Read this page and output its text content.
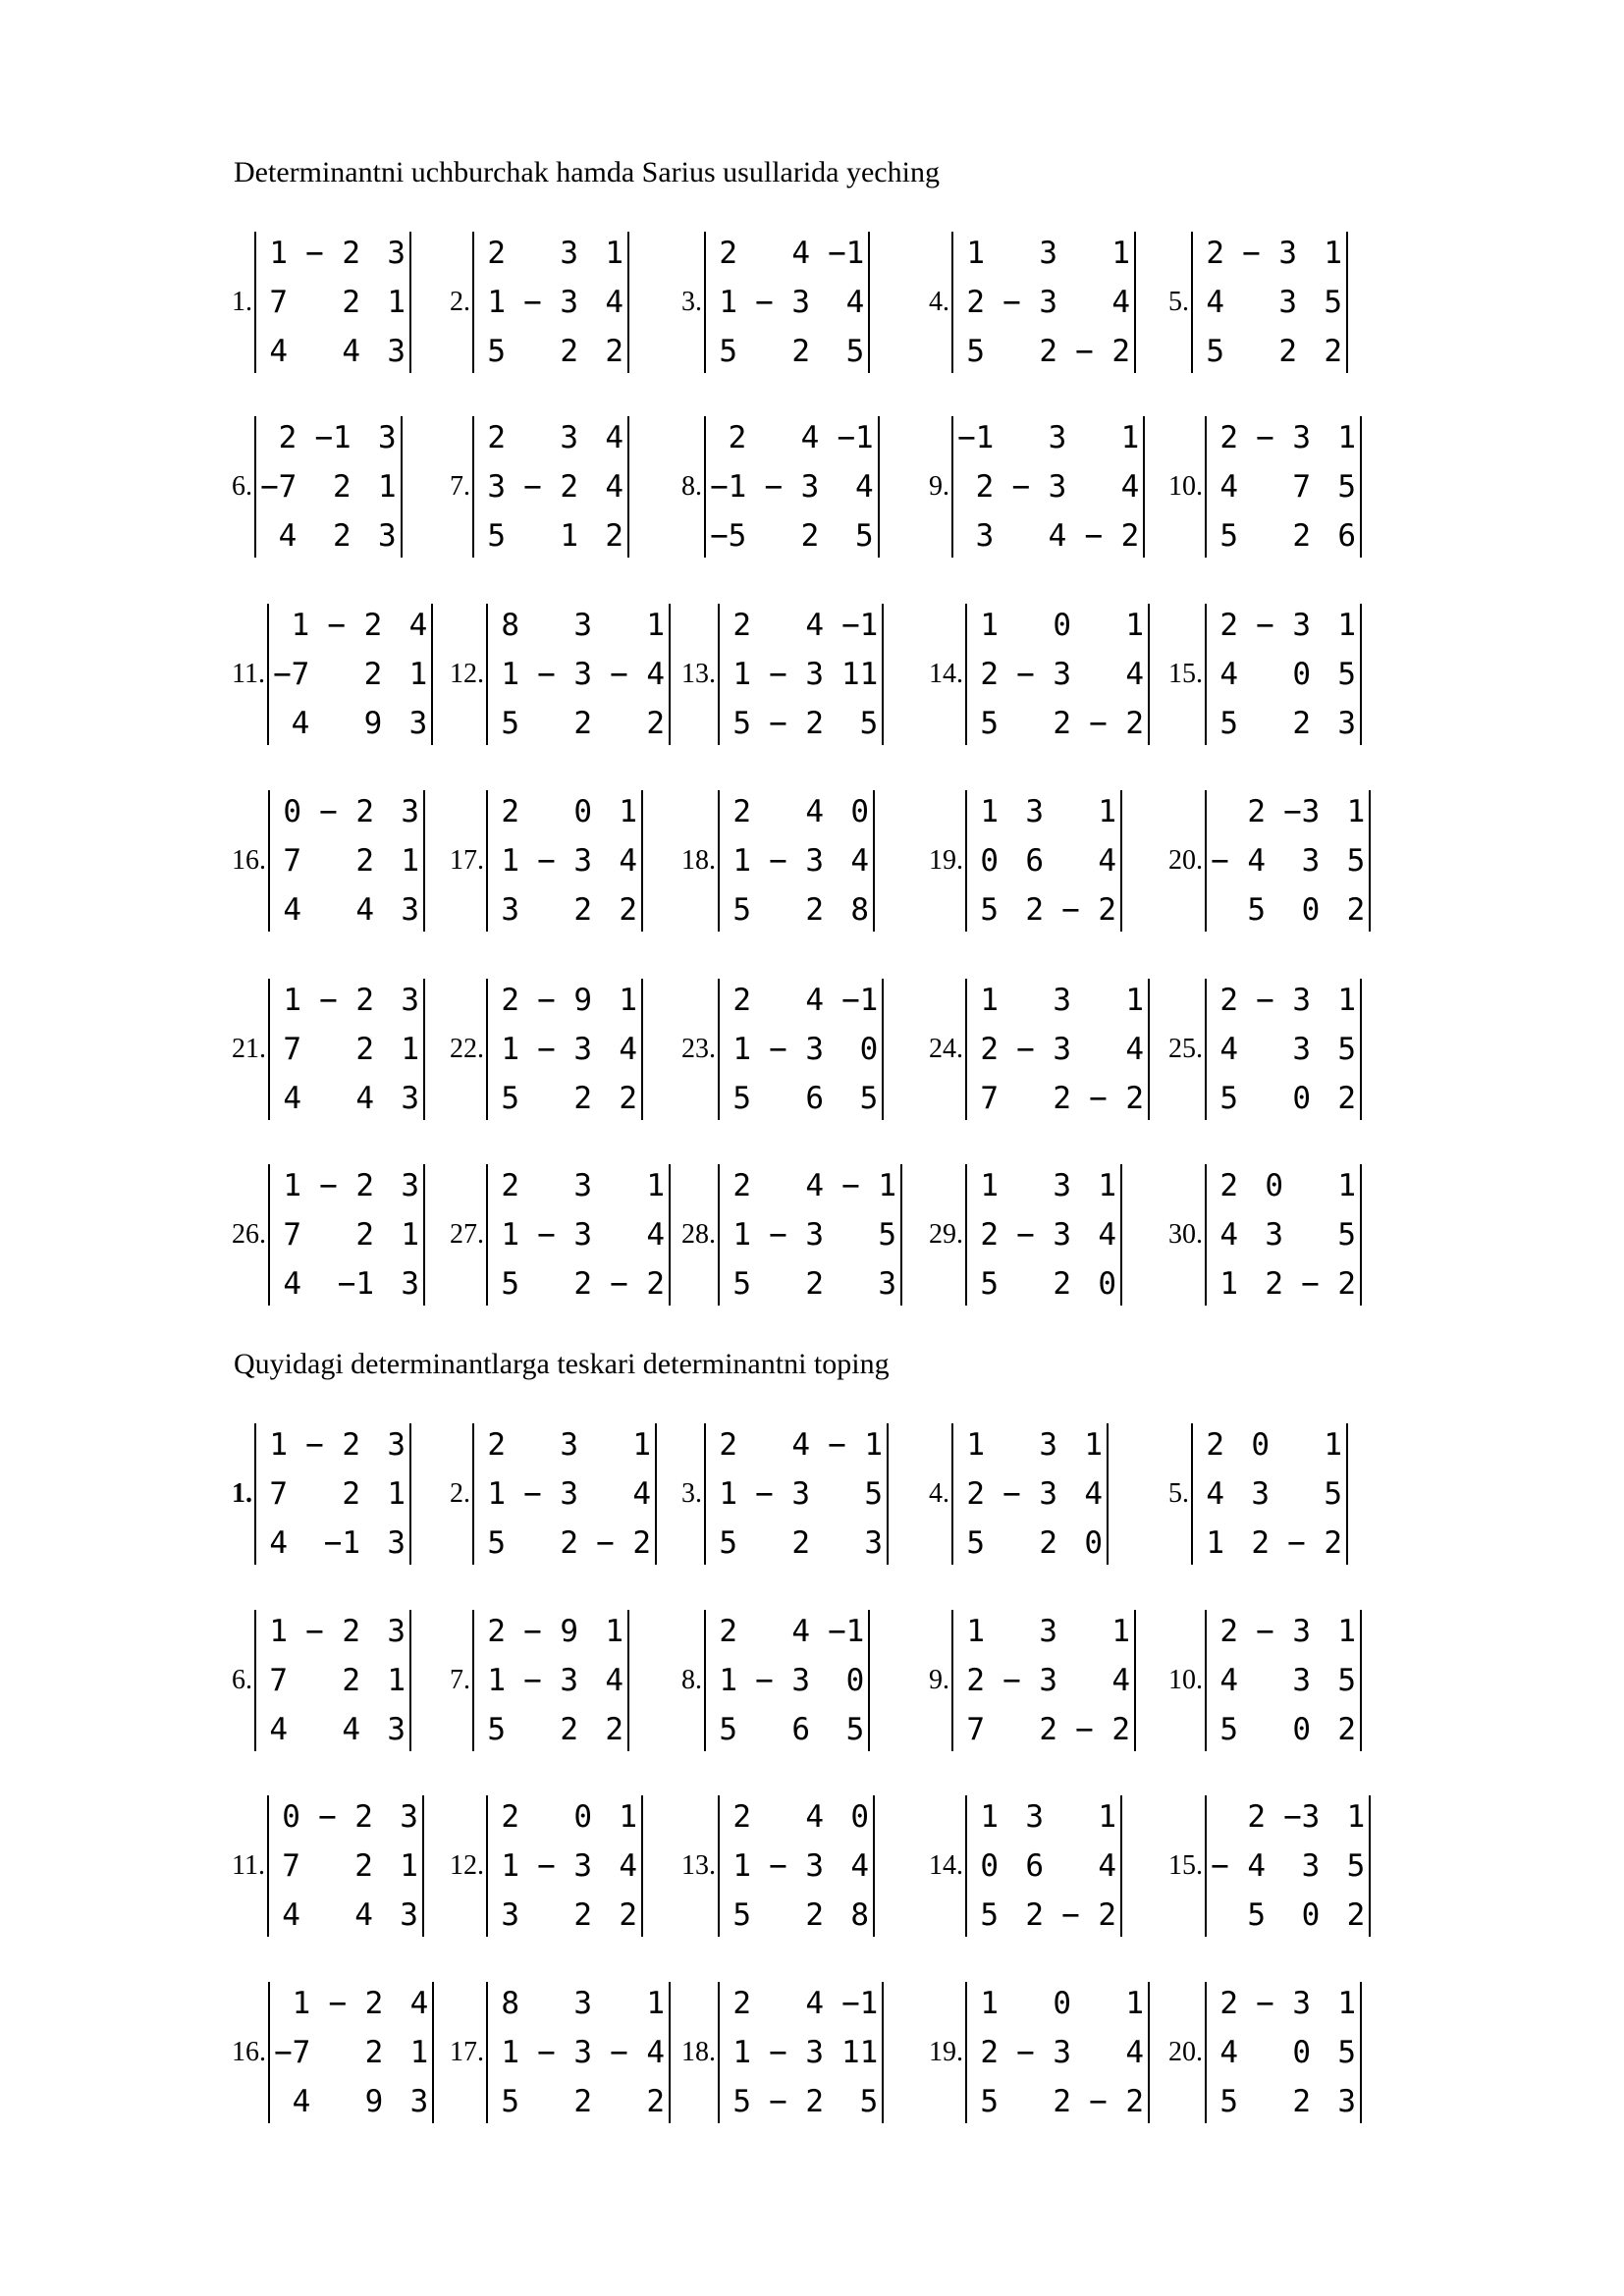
Determinantni uchburchak hamda Sarius usullarida yeching
1.
1 − 2 3
7	2 1
4	4 3
2.
2	3 1
1 − 3 4
5	2 2
3.
2	4 −1
1 − 3	4
5	2	5
4.
1	3	1
2 − 3	4
5	2 − 2
5.
2 − 3 1
4	3 5
5	2 2
6.
2 −1 3
−7	2 1
4	2 3
7.
2	3 4
3 − 2 4
5	1 2
8.
2	4 −1
−1 − 3	4
−5	2	5
9.
−1	3	1
2 − 3	4
3	4 − 2
10.
2 − 3 1
4	7 5
5	2 6
11.
1 − 2 4
−7	2 1
4	9 3
12.
8	3	1
1 − 3 − 4
5	2	2
13.
2	4 −1
1 − 3 11
5 − 2	5
14.
1	0	1
2 − 3	4
5	2 − 2
15.
2 − 3 1
4	0 5
5	2 3
16.
0 − 2 3
7	2 1
4	4 3
17.
2	0 1
1 − 3 4
3	2 2
18.
2	4 0
1 − 3 4
5	2 8
19.
1 3	1
0 6	4
5 2 − 2
20.
2 −3 1
− 4	3 5
5	0 2
21.
1 − 2 3
7	2 1
4	4 3
22.
2 − 9 1
1 − 3 4
5	2 2
23.
2	4 −1
1 − 3	0
5	6	5
24.
1	3	1
2 − 3	4
7	2 − 2
25.
2 − 3 1
4	3 5
5	0 2
26.
1 − 2 3
7	2 1
4	−1 3
27.
2	3	1
1 − 3	4
5	2 − 2
28.
2	4 − 1
1 − 3	5
5	2	3
29.
1	3 1
2 − 3 4
5	2 0
30.
2 0	1
4 3	5
1 2 − 2
Quyidagi determinantlarga teskari determinantni toping
1.
1 − 2 3
7	2 1
4	−1 3
2.
2	3	1
1 − 3	4
5	2 − 2
3.
2	4 − 1
1 − 3	5
5	2	3
4.
1	3 1
2 − 3 4
5	2 0
5.
2 0	1
4 3	5
1 2 − 2
6.
1 − 2 3
7	2 1
4	4 3
7.
2 − 9 1
1 − 3 4
5	2 2
8.
2	4 −1
1 − 3	0
5	6	5
9.
1	3	1
2 − 3	4
7	2 − 2
10.
2 − 3 1
4	3 5
5	0 2
11.
0 − 2 3
7	2 1
4	4 3
12.
2	0 1
1 − 3 4
3	2 2
13.
2	4 0
1 − 3 4
5	2 8
14.
1 3	1
0 6	4
5 2 − 2
15.
2 −3 1
− 4	3 5
5	0 2
16.
1 − 2 4
−7	2 1
4	9 3
17.
8	3	1
1 − 3 − 4
5	2	2
18.
2	4 −1
1 − 3 11
5 − 2	5
19.
1	0	1
2 − 3	4
5	2 − 2
20.
2 − 3 1
4	0 5
5	2 3
